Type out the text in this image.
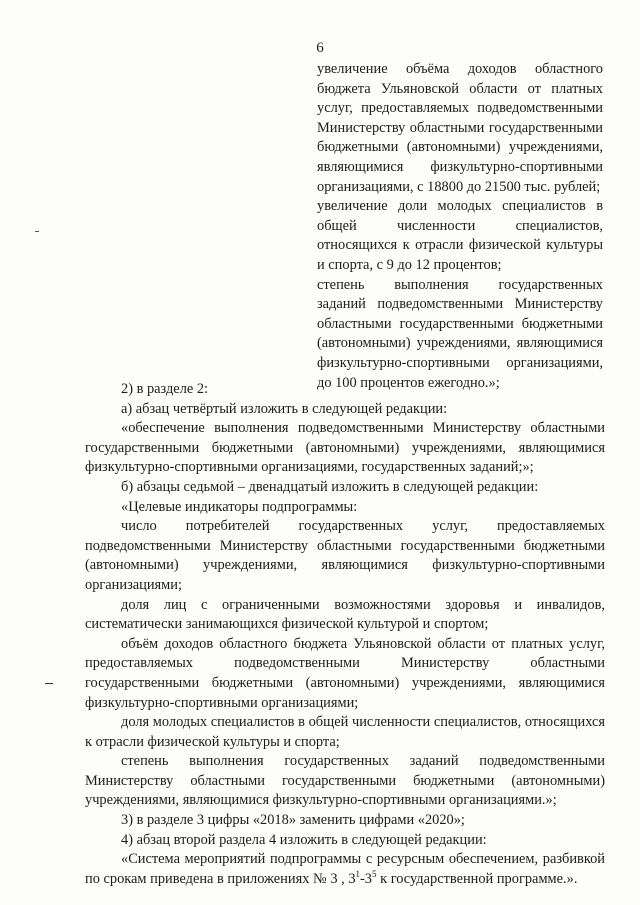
6

увеличение объёма доходов областного бюджета Ульяновской области от платных услуг, предоставляемых подведомственными Министерству областными государственными бюджетными (автономными) учреждениями, являющимися физкультурно-спортивными организациями, с 18800 до 21500 тыс. рублей;

увеличение доли молодых специалистов в общей численности специалистов, относящихся к отрасли физической культуры и спорта, с 9 до 12 процентов;

степень выполнения государственных заданий подведомственными Министерству областными государственными бюджетными (автономными) учреждениями, являющимися физкультурно-спортивными организациями, до 100 процентов ежегодно.»;

2) в разделе 2:

а) абзац четвёртый изложить в следующей редакции:

«обеспечение выполнения подведомственными Министерству областными государственными бюджетными (автономными) учреждениями, являющимися физкультурно-спортивными организациями, государственных заданий;»;

б) абзацы седьмой – двенадцатый изложить в следующей редакции:

«Целевые индикаторы подпрограммы:

число потребителей государственных услуг, предоставляемых подведомственными Министерству областными государственными бюджетными (автономными) учреждениями, являющимися физкультурно-спортивными организациями;

доля лиц с ограниченными возможностями здоровья и инвалидов, систематически занимающихся физической культурой и спортом;

объём доходов областного бюджета Ульяновской области от платных услуг, предоставляемых подведомственными Министерству областными государственными бюджетными (автономными) учреждениями, являющимися физкультурно-спортивными организациями;

доля молодых специалистов в общей численности специалистов, относящихся к отрасли физической культуры и спорта;

степень выполнения государственных заданий подведомственными Министерству областными государственными бюджетными (автономными) учреждениями, являющимися физкультурно-спортивными организациями.»;

3) в разделе 3 цифры «2018» заменить цифрами «2020»;

4) абзац второй раздела 4 изложить в следующей редакции:

«Система мероприятий подпрограммы с ресурсным обеспечением, разбивкой по срокам приведена в приложениях № 3 , $3^1-3^5$ к государственной программе.».
